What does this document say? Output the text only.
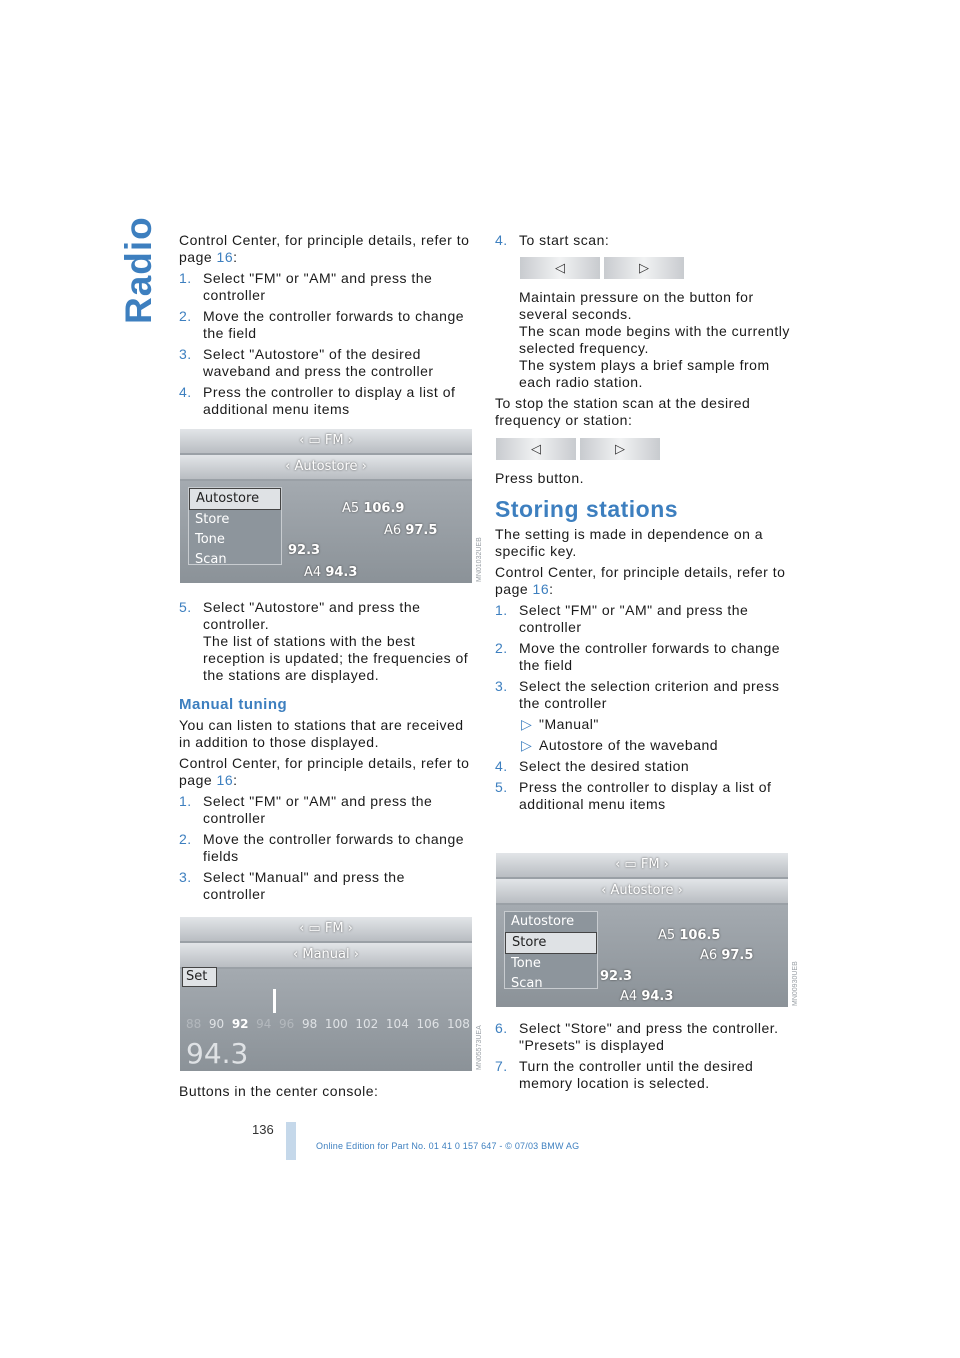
Radio Control Center, for principle details, refer to page 16:

1. Select "FM" or "AM" and press the controller
2. Move the controller forwards to change the field
3. Select "Autostore" of the desired waveband and press the controller
4. Press the controller to display a list of additional menu items
‹ ▭ FM ›
‹ Autostore ›
Autostore
Store
Tone
Scan
A5 106.9
A6 97.5
92.3
A4 94.3	MN01032UEB
5. Select "Autostore" and press the controller.
The list of stations with the best reception is updated; the frequencies of the stations are displayed.
Manual tuning

You can listen to stations that are received in addition to those displayed.

Control Center, for principle details, refer to page 16:

1. Select "FM" or "AM" and press the controller
2. Move the controller forwards to change fields
3. Select "Manual" and press the controller
‹ ▭ FM ›
‹ Manual ›
Set
88 90 92 94 96 98 100 102 104 106 108
94.3	MN05573UEA

Buttons in the center console:

4. To start scan:
◁	▷

Maintain pressure on the button for several seconds.
The scan mode begins with the currently selected frequency.
The system plays a brief sample from each radio station.

To stop the station scan at the desired frequency or station:

◁	▷

Press button.

Storing stations

The setting is made in dependence on a specific key.

Control Center, for principle details, refer to page 16:

1. Select "FM" or "AM" and press the controller
2. Move the controller forwards to change the field
3. Select the selection criterion and press the controller
▷ "Manual"
▷ Autostore of the waveband
4. Select the desired station
5. Press the controller to display a list of additional menu items
‹ ▭ FM ›
‹ Autostore ›
Autostore
Store
Tone
Scan
A5 106.5
A6 97.5
92.3
A4 94.3	MN00930UEB
6. Select "Store" and press the controller. "Presets" is displayed
7. Turn the controller until the desired memory location is selected.
136
Online Edition for Part No. 01 41 0 157 647 - © 07/03 BMW AG
